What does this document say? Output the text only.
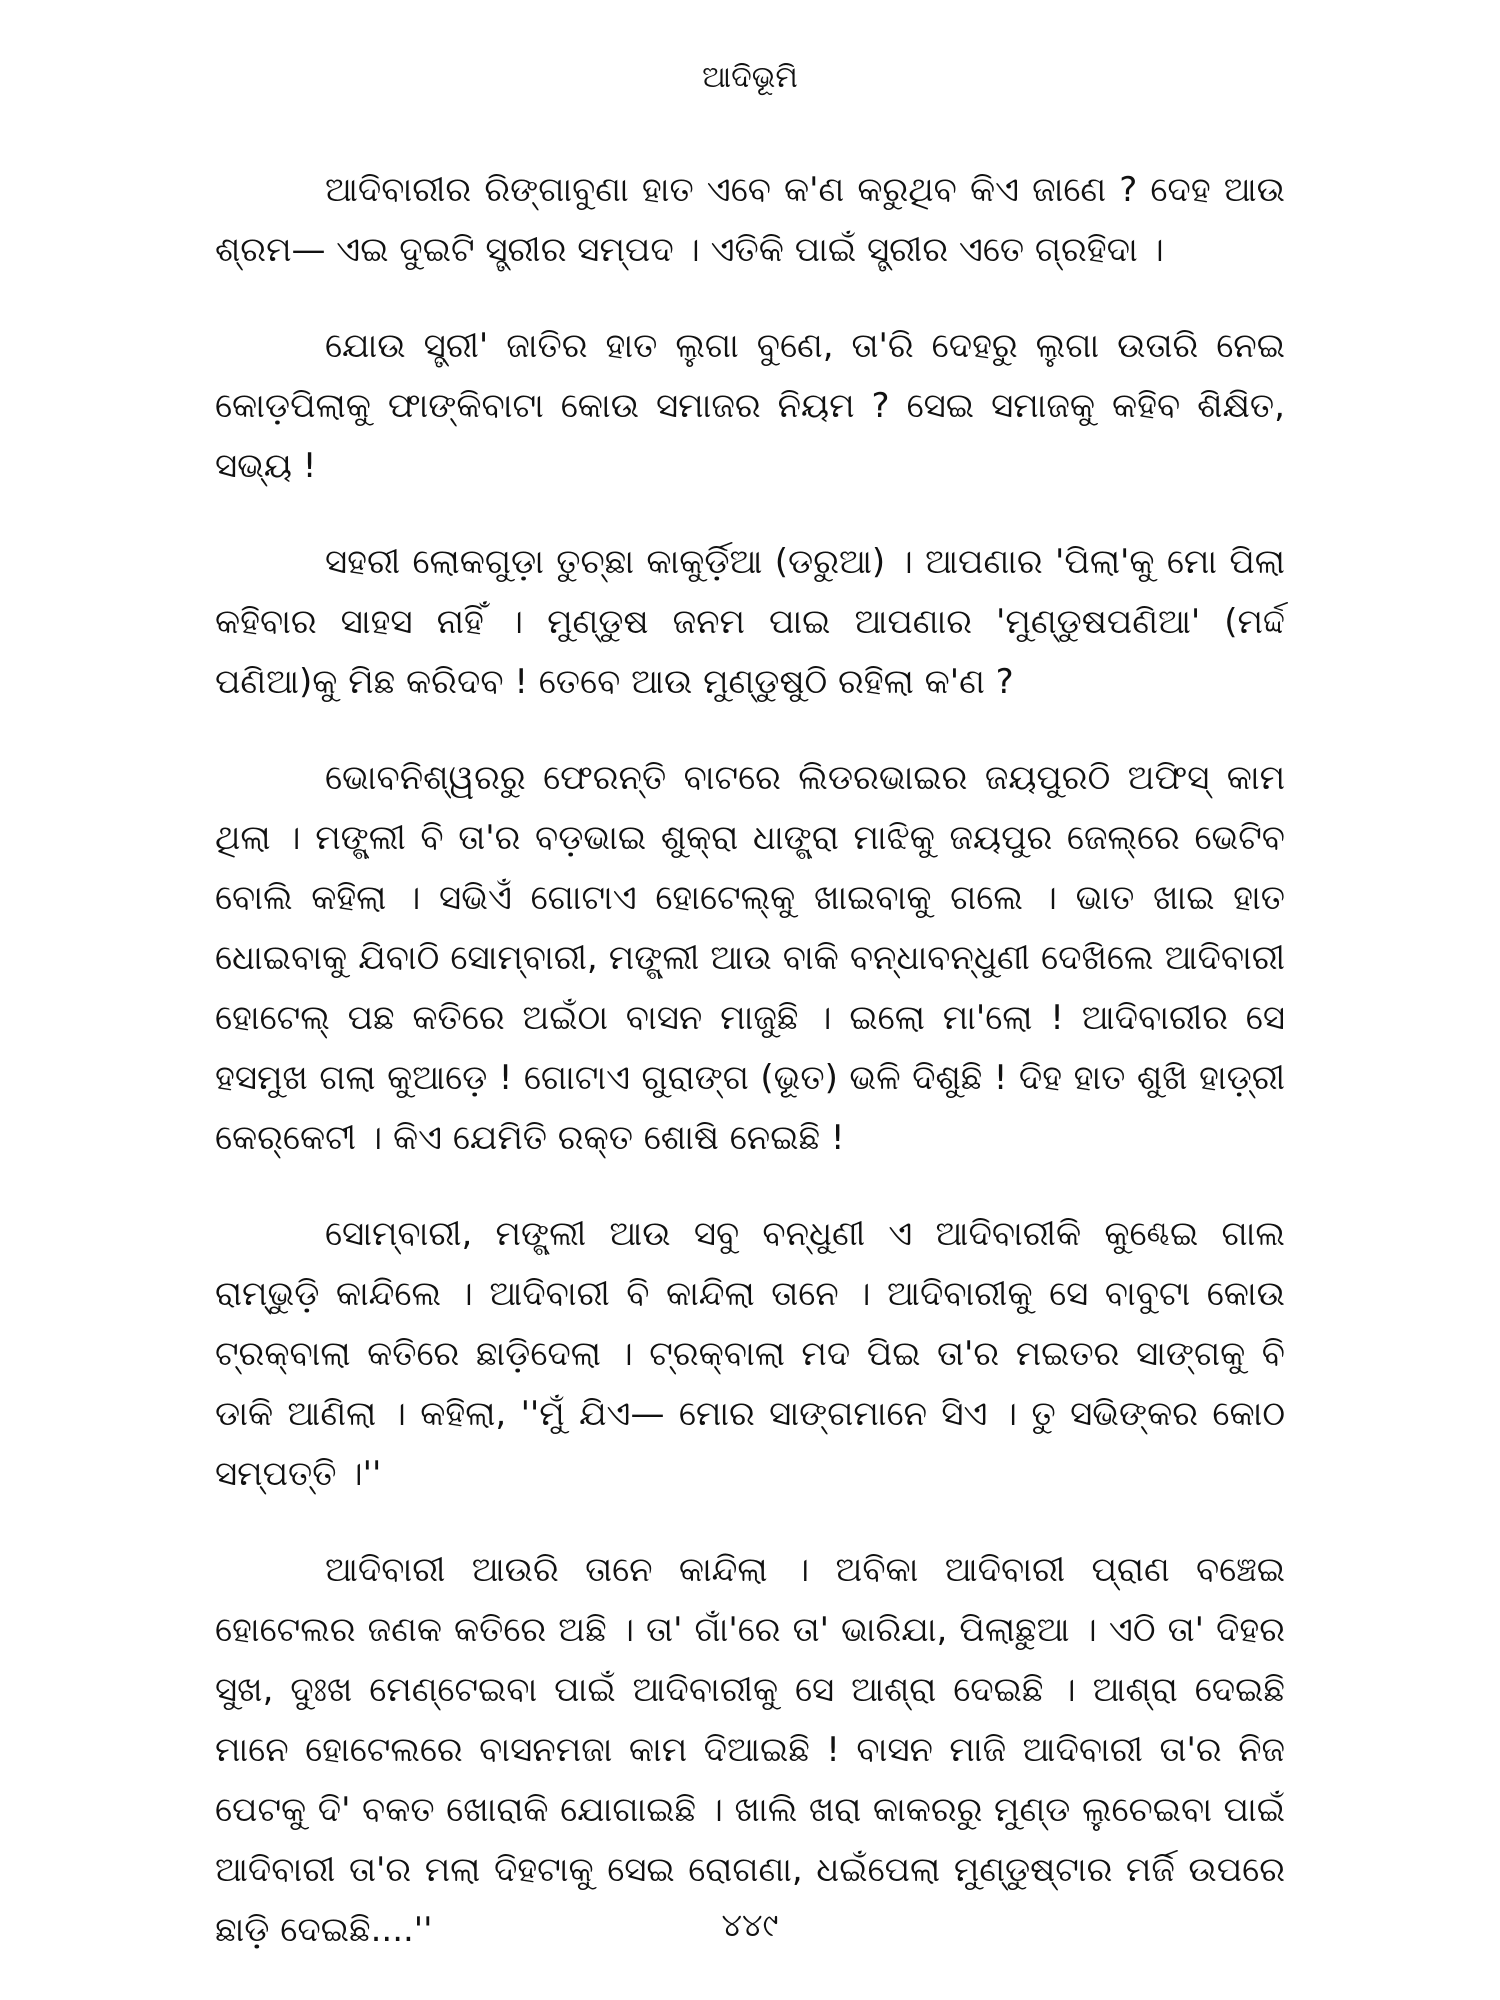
ଆଦିଭୂମି

ଆଦିବାରୀର ରିଙ୍ଗାବୁଣା ହାତ ଏବେ କ'ଣ କରୁଥିବ କିଏ ଜାଣେ ? ଦେହ ଆଉ ଶ୍ରମ— ଏଇ ଦୁଇଟି ସ୍ତ୍ରୀର ସମ୍ପଦ । ଏତିକି ପାଇଁ ସ୍ତ୍ରୀର ଏତେ ଗ୍ରହିଦା ।

ଯୋଉ ସ୍ତ୍ରୀ' ଜାତିର ହାତ ଲୁଗା ବୁଣେ, ତା'ରି ଦେହରୁ ଲୁଗା ଉତାରି ନେଇ କୋଡ଼ପିଲାକୁ ଫାଙ୍କିବାଟା କୋଉ ସମାଜର ନିୟମ ? ସେଇ ସମାଜକୁ କହିବ ଶିକ୍ଷିତ, ସଭ୍ୟ !

ସହରୀ ଲୋକଗୁଡ଼ା ତୁଚ୍ଛା କାକୁର୍ଡ଼ିଆ (ଡରୁଆ) । ଆପଣାର 'ପିଲା'କୁ ମୋ ପିଲା କହିବାର ସାହସ ନାହିଁ । ମୁଣ୍ଡୁଷ ଜନମ ପାଇ ଆପଣାର 'ମୁଣ୍ଡୁଷପଣିଆ' (ମର୍ଦ୍ଦ ପଣିଆ)କୁ ମିଛ କରିଦବ ! ତେବେ ଆଉ ମୁଣ୍ଡୁଷୁଠି ରହିଲା କ'ଣ ?

ଭୋବନିଶ୍ୱରରୁ ଫେରନ୍ତି ବାଟରେ ଲିଡରଭାଇର ଜୟପୁରଠି ଅଫିସ୍ କାମ ଥିଲା । ମଙ୍ଗ୍ଲୀ ବି ତା'ର ବଡ଼ଭାଇ ଶୁକ୍ରା ଧାଙ୍ଗ୍ରା ମାଝିକୁ ଜୟପୁର ଜେଲ୍‌ରେ ଭେଟିବ ବୋଲି କହିଲା । ସଭିଏଁ ଗୋଟାଏ ହୋଟେଲ୍‌କୁ ଖାଇବାକୁ ଗଲେ । ଭାତ ଖାଇ ହାତ ଧୋଇବାକୁ ଯିବାଠି ସୋମ୍‌ବାରୀ, ମଙ୍ଗ୍ଲୀ ଆଉ ବାକି ବନ୍ଧାବନ୍ଧୁଣୀ ଦେଖିଲେ ଆଦିବାରୀ ହୋଟେଲ୍ ପଛ କତିରେ ଅଇଁଠା ବାସନ ମାଜୁଛି । ଇଲୋ ମା'ଲୋ ! ଆଦିବାରୀର ସେ ହସମୁଖ ଗଲା କୁଆଡ଼େ ! ଗୋଟାଏ ଗୁରାଙ୍ଗ (ଭୂତ) ଭଳି ଦିଶୁଛି ! ଦିହ ହାତ ଶୁଖି ହାଡ଼୍‌ରୀ କେର୍‌କେଟୀ । କିଏ ଯେମିତି ରକ୍ତ ଶୋଷି ନେଇଛି !

ସୋମ୍‌ବାରୀ, ମଙ୍ଗ୍ଲୀ ଆଉ ସବୁ ବନ୍ଧୁଣୀ ଏ ଆଦିବାରୀକି କୁଣ୍ଢେଇ ଗାଲ ରାମ୍ଭୁଡ଼ି କାନ୍ଦିଲେ । ଆଦିବାରୀ ବି କାନ୍ଦିଲା ତାନେ । ଆଦିବାରୀକୁ ସେ ବାବୁଟା କୋଉ ଟ୍ରକ୍‌ବାଲା କତିରେ ଛାଡ଼ିଦେଲା । ଟ୍ରକ୍‌ବାଲା ମଦ ପିଇ ତା'ର ମଇତର ସାଙ୍ଗକୁ ବି ଡାକି ଆଣିଲା । କହିଲା, ''ମୁଁ ଯିଏ— ମୋର ସାଙ୍ଗମାନେ ସିଏ । ତୁ ସଭିଙ୍କର କୋଠ ସମ୍ପତ୍ତି ।''

ଆଦିବାରୀ ଆଉରି ତାନେ କାନ୍ଦିଲା । ଅବିକା ଆଦିବାରୀ ପ୍ରାଣ ବଞ୍ଚେଇ ହୋଟେଲର ଜଣକ କତିରେ ଅଛି । ତା' ଗାଁ'ରେ ତା' ଭାରିଯା, ପିଲାଛୁଆ । ଏଠି ତା' ଦିହର ସୁଖ, ଦୁଃଖ ମେଣ୍ଟେଇବା ପାଇଁ ଆଦିବାରୀକୁ ସେ ଆଶ୍ରା ଦେଇଛି । ଆଶ୍ରା ଦେଇଛି ମାନେ ହୋଟେଲରେ ବାସନମଜା କାମ ଦିଆଇଛି ! ବାସନ ମାଜି ଆଦିବାରୀ ତା'ର ନିଜ ପେଟକୁ ଦି' ବକତ ଖୋରାକି ଯୋଗାଇଛି । ଖାଲି ଖରା କାକରରୁ ମୁଣ୍ଡ ଲୁଚେଇବା ପାଇଁ ଆଦିବାରୀ ତା'ର ମଲା ଦିହଟାକୁ ସେଇ ରୋଗଣା, ଧଇଁପେଲା ମୁଣ୍ଡୁଷ୍‌ଟାର ମର୍ଜି ଉପରେ ଛାଡ଼ି ଦେଇଛି....''	୪୪୯
